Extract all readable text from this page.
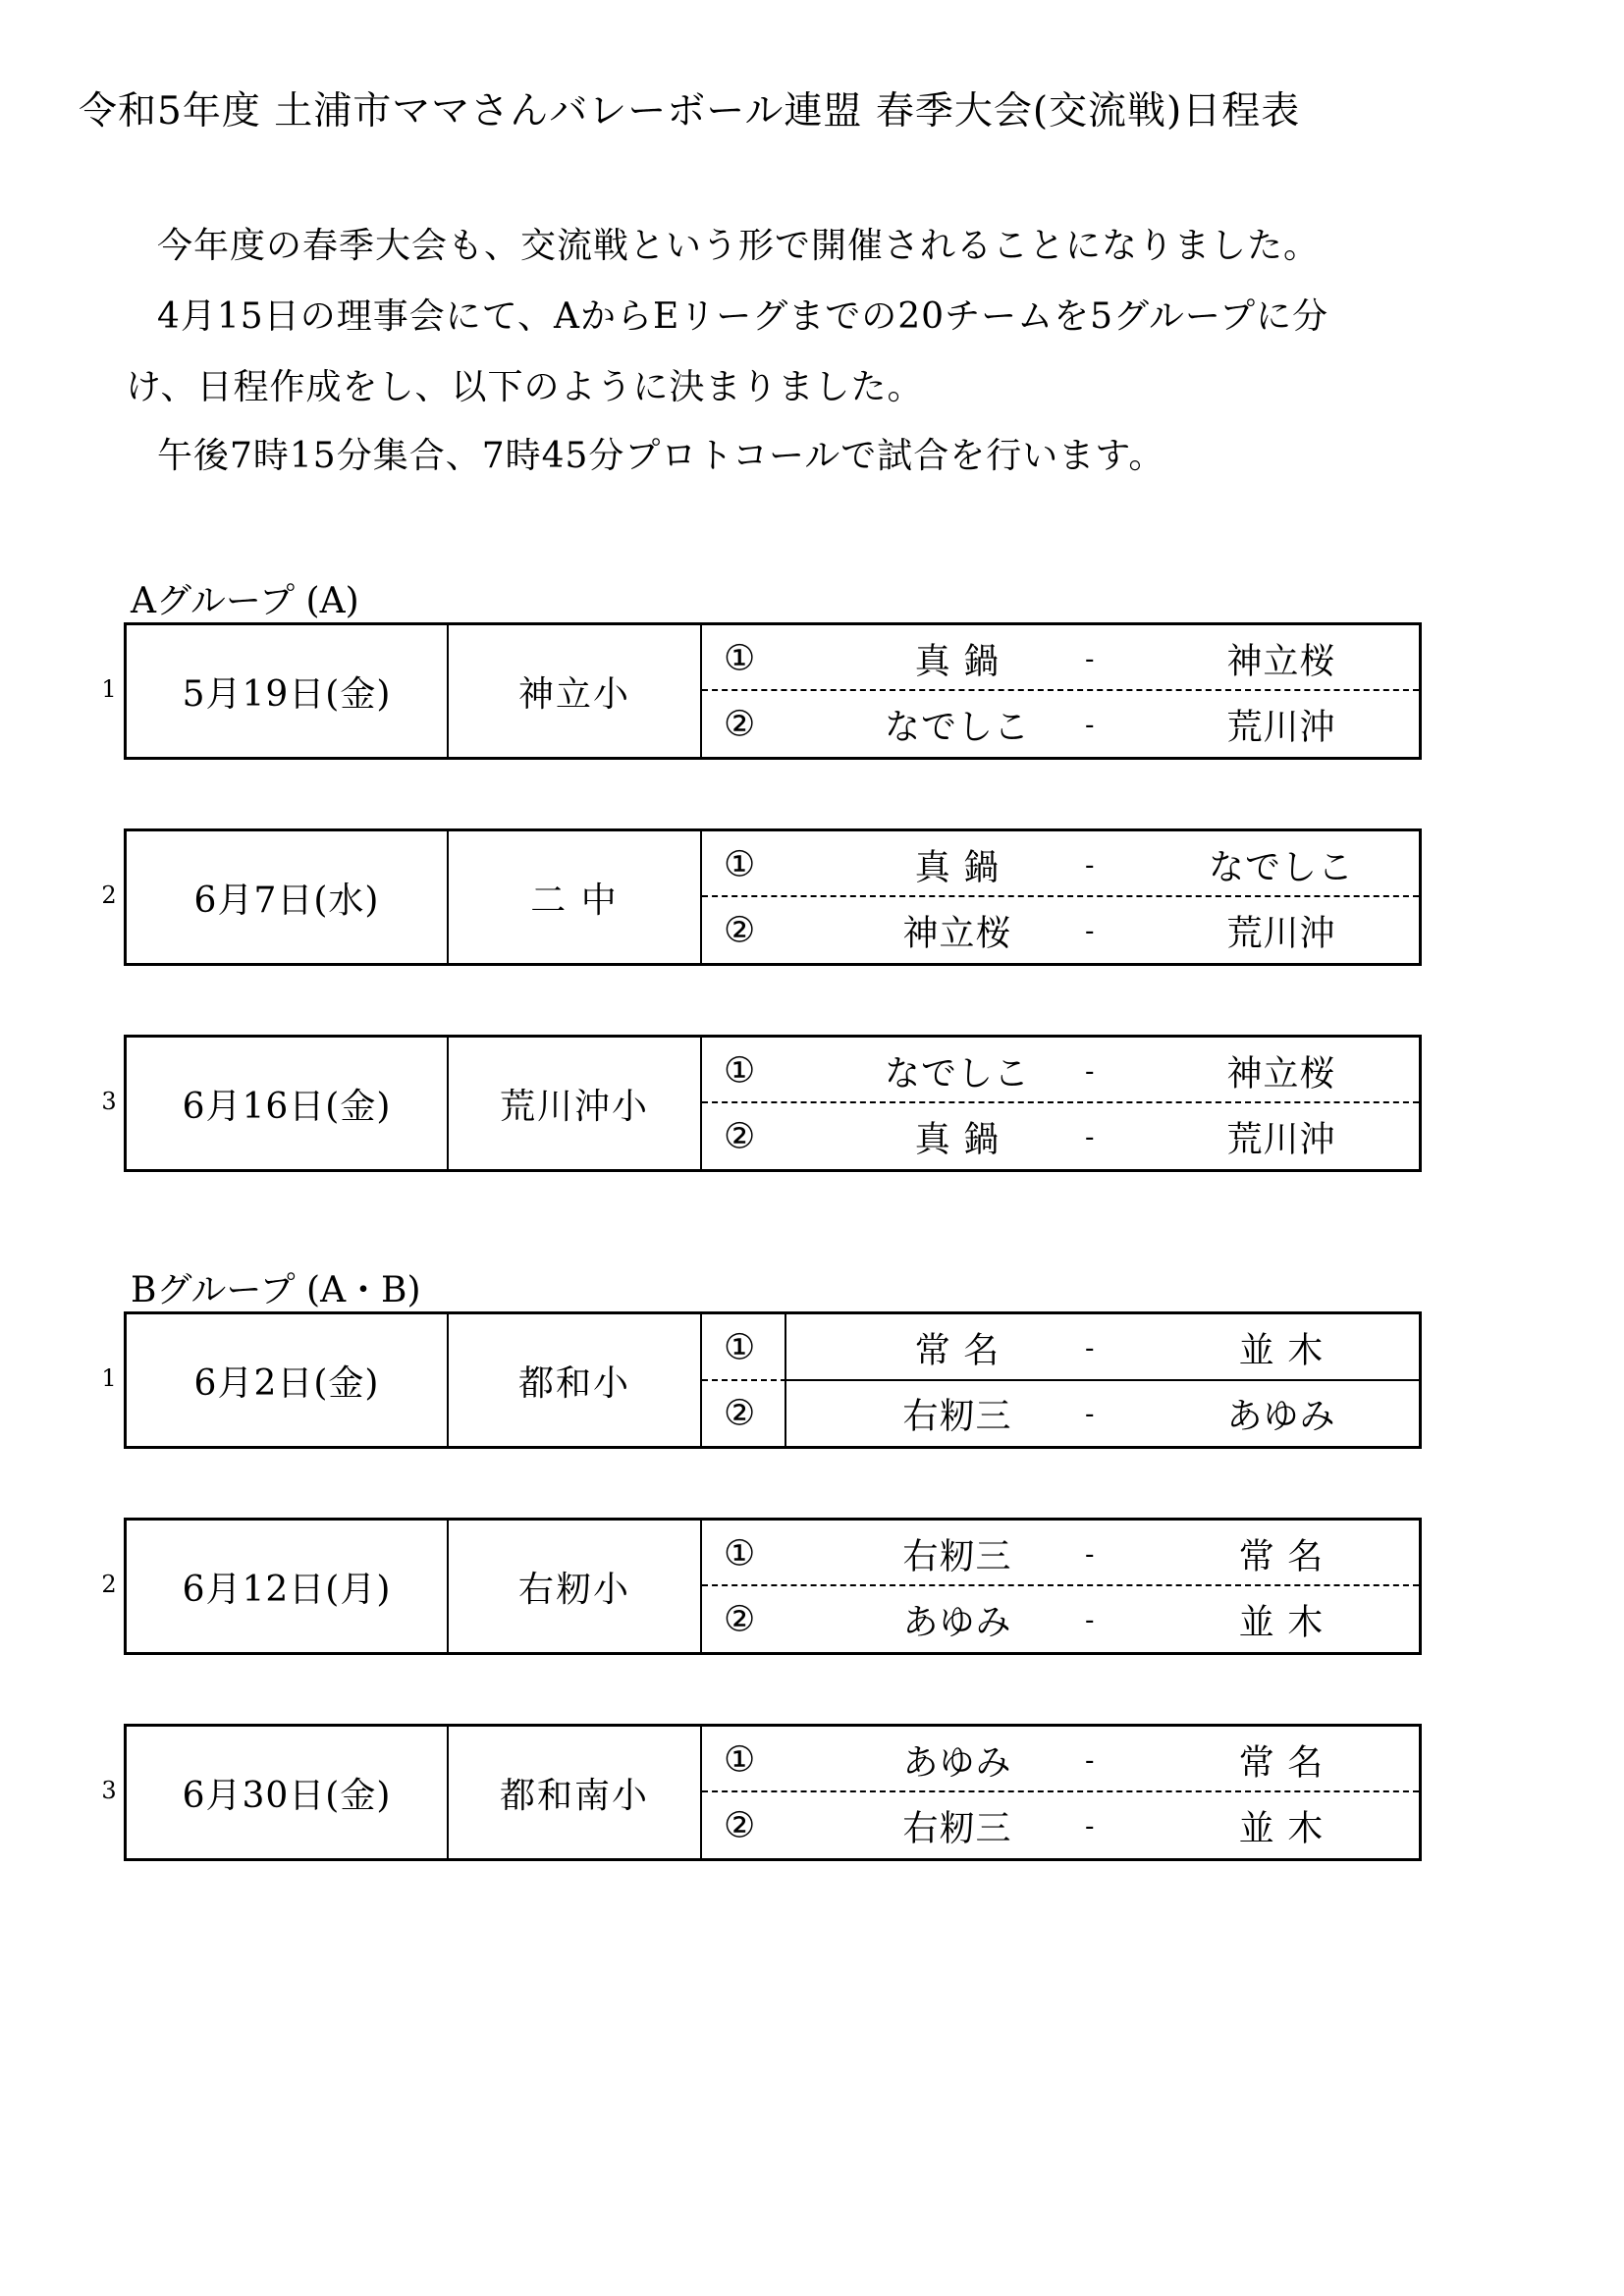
令和5年度 土浦市ママさんバレーボール連盟 春季大会(交流戦)日程表
今年度の春季大会も、交流戦という形で開催されることになりました。
4月15日の理事会にて、AからEリーグまでの20チームを5グループに分
け、日程作成をし、以下のように決まりました。
午後7時15分集合、7時45分プロトコールで試合を行います。
Aグループ (A)
1	5月19日(金)	神立小
①	真 鍋	-	神立桜
②	なでしこ	-	荒川沖
2	6月7日(水)	二 中
①	真 鍋	-	なでしこ
②	神立桜	-	荒川沖
3	6月16日(金)	荒川沖小
①	なでしこ	-	神立桜
②	真 鍋	-	荒川沖
Bグループ (A・B)
1	6月2日(金)	都和小
①	常 名	-	並 木
②	右籾三	-	あゆみ
2	6月12日(月)	右籾小
①	右籾三	-	常 名
②	あゆみ	-	並 木
3	6月30日(金)	都和南小
①	あゆみ	-	常 名
②	右籾三	-	並 木
